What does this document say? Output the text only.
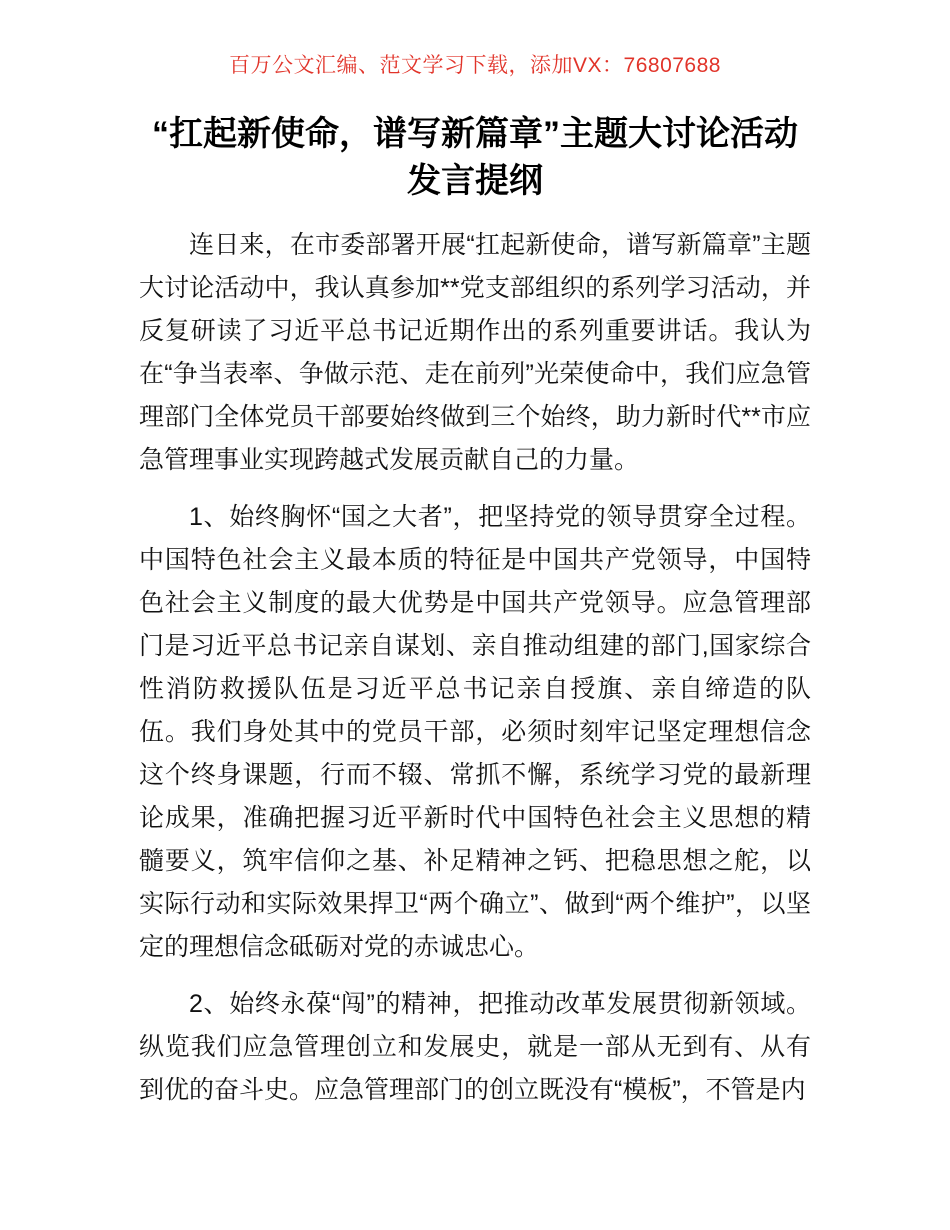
百万公文汇编、范文学习下载，添加VX：76807688
“扛起新使命，谱写新篇章”主题大讨论活动
发言提纲

连日来，在市委部署开展“扛起新使命，谱写新篇章”主题大讨论活动中，我认真参加**党支部组织的系列学习活动，并反复研读了习近平总书记近期作出的系列重要讲话。我认为在“争当表率、争做示范、走在前列”光荣使命中，我们应急管理部门全体党员干部要始终做到三个始终，助力新时代**市应急管理事业实现跨越式发展贡献自己的力量。

1、始终胸怀“国之大者”，把坚持党的领导贯穿全过程。中国特色社会主义最本质的特征是中国共产党领导，中国特色社会主义制度的最大优势是中国共产党领导。应急管理部门是习近平总书记亲自谋划、亲自推动组建的部门,国家综合性消防救援队伍是习近平总书记亲自授旗、亲自缔造的队伍。我们身处其中的党员干部，必须时刻牢记坚定理想信念这个终身课题，行而不辍、常抓不懈，系统学习党的最新理论成果，准确把握习近平新时代中国特色社会主义思想的精髓要义，筑牢信仰之基、补足精神之钙、把稳思想之舵，以实际行动和实际效果捍卫“两个确立”、做到“两个维护”，以坚定的理想信念砥砺对党的赤诚忠心。

2、始终永葆“闯”的精神，把推动改革发展贯彻新领域。纵览我们应急管理创立和发展史，就是一部从无到有、从有到优的奋斗史。应急管理部门的创立既没有“模板”，不管是内
